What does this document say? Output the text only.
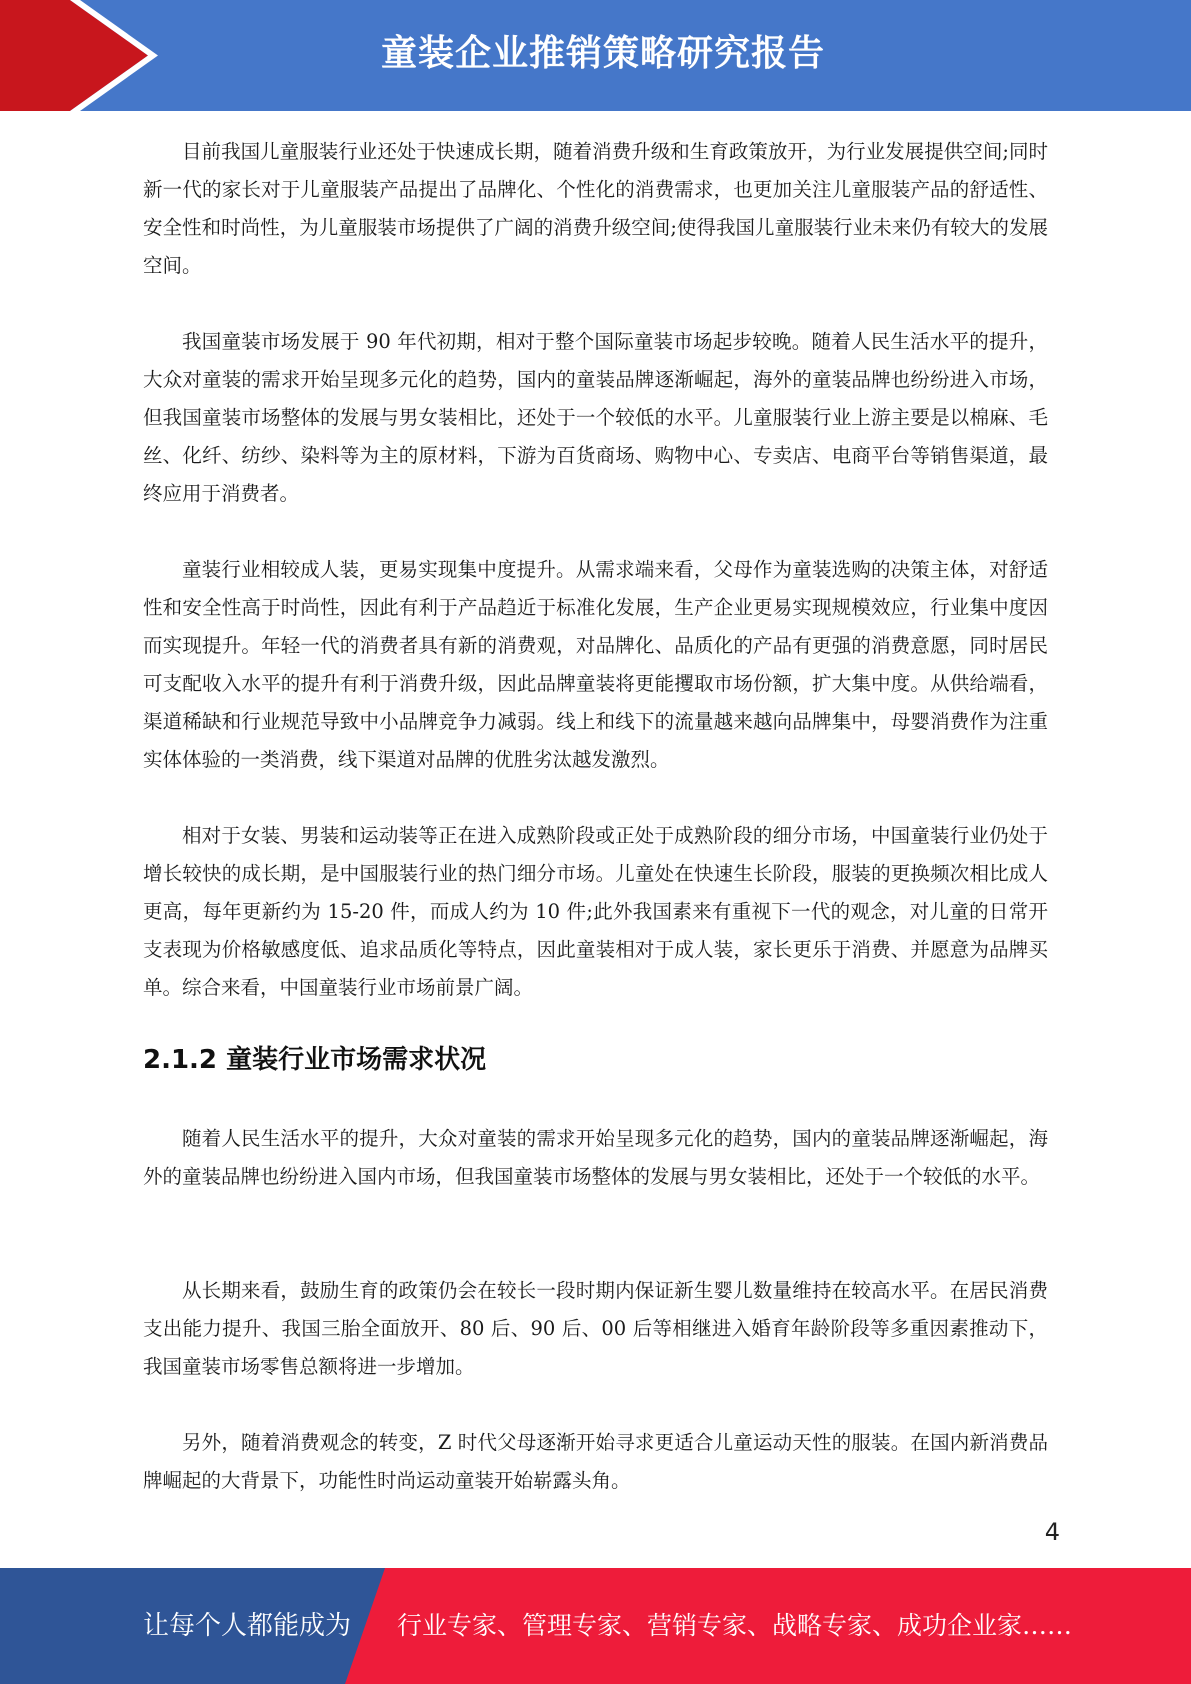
童装企业推销策略研究报告

目前我国儿童服装行业还处于快速成长期，随着消费升级和生育政策放开，为行业发展提供空间;同时新一代的家长对于儿童服装产品提出了品牌化、个性化的消费需求，也更加关注儿童服装产品的舒适性、安全性和时尚性，为儿童服装市场提供了广阔的消费升级空间;使得我国儿童服装行业未来仍有较大的发展空间。

我国童装市场发展于 90 年代初期，相对于整个国际童装市场起步较晚。随着人民生活水平的提升，大众对童装的需求开始呈现多元化的趋势，国内的童装品牌逐渐崛起，海外的童装品牌也纷纷进入市场，但我国童装市场整体的发展与男女装相比，还处于一个较低的水平。儿童服装行业上游主要是以棉麻、毛丝、化纤、纺纱、染料等为主的原材料，下游为百货商场、购物中心、专卖店、电商平台等销售渠道，最终应用于消费者。

童装行业相较成人装，更易实现集中度提升。从需求端来看，父母作为童装选购的决策主体，对舒适性和安全性高于时尚性，因此有利于产品趋近于标准化发展，生产企业更易实现规模效应，行业集中度因而实现提升。年轻一代的消费者具有新的消费观，对品牌化、品质化的产品有更强的消费意愿，同时居民可支配收入水平的提升有利于消费升级，因此品牌童装将更能攫取市场份额，扩大集中度。从供给端看，渠道稀缺和行业规范导致中小品牌竞争力减弱。线上和线下的流量越来越向品牌集中，母婴消费作为注重实体体验的一类消费，线下渠道对品牌的优胜劣汰越发激烈。

相对于女装、男装和运动装等正在进入成熟阶段或正处于成熟阶段的细分市场，中国童装行业仍处于增长较快的成长期，是中国服装行业的热门细分市场。儿童处在快速生长阶段，服装的更换频次相比成人更高，每年更新约为 15-20 件，而成人约为 10 件;此外我国素来有重视下一代的观念，对儿童的日常开支表现为价格敏感度低、追求品质化等特点，因此童装相对于成人装，家长更乐于消费、并愿意为品牌买单。综合来看，中国童装行业市场前景广阔。

2.1.2 童装行业市场需求状况

随着人民生活水平的提升，大众对童装的需求开始呈现多元化的趋势，国内的童装品牌逐渐崛起，海外的童装品牌也纷纷进入国内市场，但我国童装市场整体的发展与男女装相比，还处于一个较低的水平。

从长期来看，鼓励生育的政策仍会在较长一段时期内保证新生婴儿数量维持在较高水平。在居民消费支出能力提升、我国三胎全面放开、80 后、90 后、00 后等相继进入婚育年龄阶段等多重因素推动下，我国童装市场零售总额将进一步增加。

另外，随着消费观念的转变，Z 时代父母逐渐开始寻求更适合儿童运动天性的服装。在国内新消费品牌崛起的大背景下，功能性时尚运动童装开始崭露头角。

4
让每个人都能成为 行业专家、管理专家、营销专家、战略专家、成功企业家……
